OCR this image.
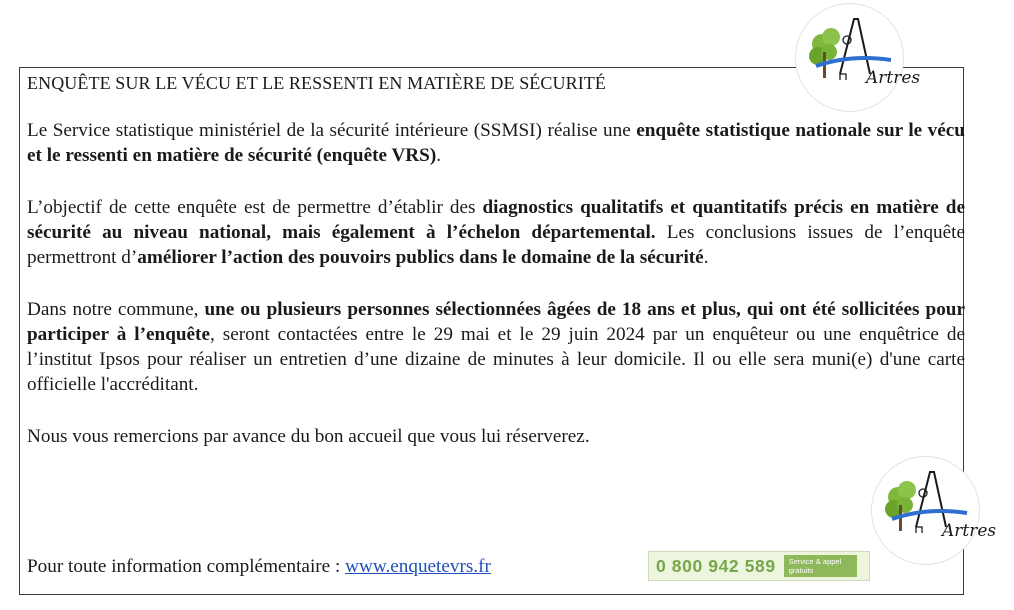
ENQUÊTE SUR LE VÉCU ET LE RESSENTI EN MATIÈRE DE SÉCURITÉ

Le Service statistique ministériel de la sécurité intérieure (SSMSI) réalise une enquête statistique nationale sur le vécu et le ressenti en matière de sécurité (enquête VRS).

L’objectif de cette enquête est de permettre d’établir des diagnostics qualitatifs et quantitatifs précis en matière de sécurité au niveau national, mais également à l’échelon départemental. Les conclusions issues de l’enquête permettront d’améliorer l’action des pouvoirs publics dans le domaine de la sécurité.

Dans notre commune, une ou plusieurs personnes sélectionnées âgées de 18 ans et plus, qui ont été sollicitées pour participer à l’enquête, seront contactées entre le 29 mai et le 29 juin 2024 par un enquêteur ou une enquêtrice de l’institut Ipsos pour réaliser un entretien d’une dizaine de minutes à leur domicile. Il ou elle sera muni(e) d'une carte officielle l'accréditant.

Nous vous remercions par avance du bon accueil que vous lui réserverez.

Pour toute information complémentaire : www.enquetevrs.fr	0 800 942 589	Service & appel gratuits
Artres
Artres
